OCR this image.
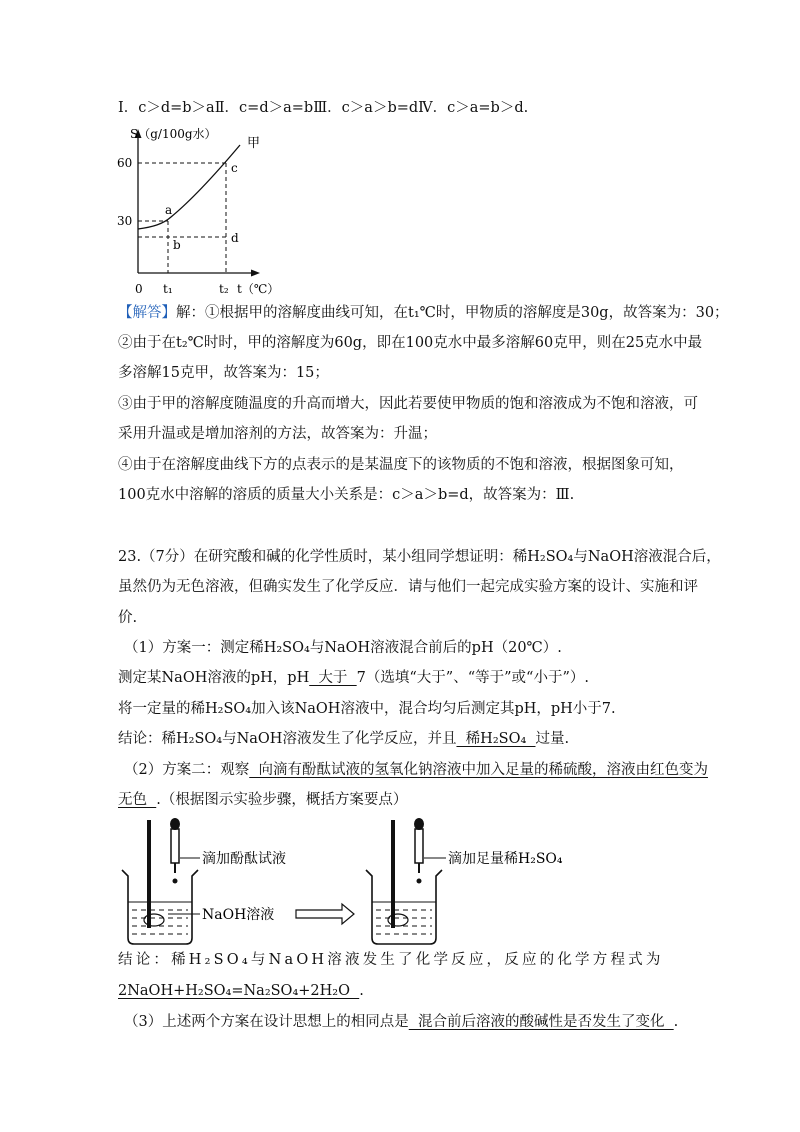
Ⅰ．c＞d=b＞aⅡ．c=d＞a=bⅢ．c＞a＞b=dⅣ．c＞a=b＞d.
S（g/100g水）
甲
60
30
0 t₁	t₂ t（℃）
a
b
c
d
【解答】解：①根据甲的溶解度曲线可知，在t₁℃时，甲物质的溶解度是30g，故答案为：30；
②由于在t₂℃时时，甲的溶解度为60g，即在100克水中最多溶解60克甲，则在25克水中最
多溶解15克甲，故答案为：15；
③由于甲的溶解度随温度的升高而增大，因此若要使甲物质的饱和溶液成为不饱和溶液，可
采用升温或是增加溶剂的方法，故答案为：升温；
④由于在溶解度曲线下方的点表示的是某温度下的该物质的不饱和溶液，根据图象可知，
100克水中溶解的溶质的质量大小关系是：c＞a＞b=d，故答案为：Ⅲ.
23.（7分）在研究酸和碱的化学性质时，某小组同学想证明：稀H₂SO₄与NaOH溶液混合后，
虽然仍为无色溶液，但确实发生了化学反应．请与他们一起完成实验方案的设计、实施和评
价.
（1）方案一：测定稀H₂SO₄与NaOH溶液混合前后的pH（20℃）.
测定某NaOH溶液的pH，pH  大于  7（选填“大于”、“等于”或“小于”）.
将一定量的稀H₂SO₄加入该NaOH溶液中，混合均匀后测定其pH，pH小于7.
结论：稀H₂SO₄与NaOH溶液发生了化学反应，并且  稀H₂SO₄  过量.
（2）方案二：观察  向滴有酚酞试液的氢氧化钠溶液中加入足量的稀硫酸，溶液由红色变为
无色  .（根据图示实验步骤，概括方案要点）
滴加酚酞试液
NaOH溶液
滴加足量稀H₂SO₄
结论：稀H₂SO₄与NaOH溶液发生了化学反应，反应的化学方程式为
2NaOH+H₂SO₄=Na₂SO₄+2H₂O  .
（3）上述两个方案在设计思想上的相同点是  混合前后溶液的酸碱性是否发生了变化  .
